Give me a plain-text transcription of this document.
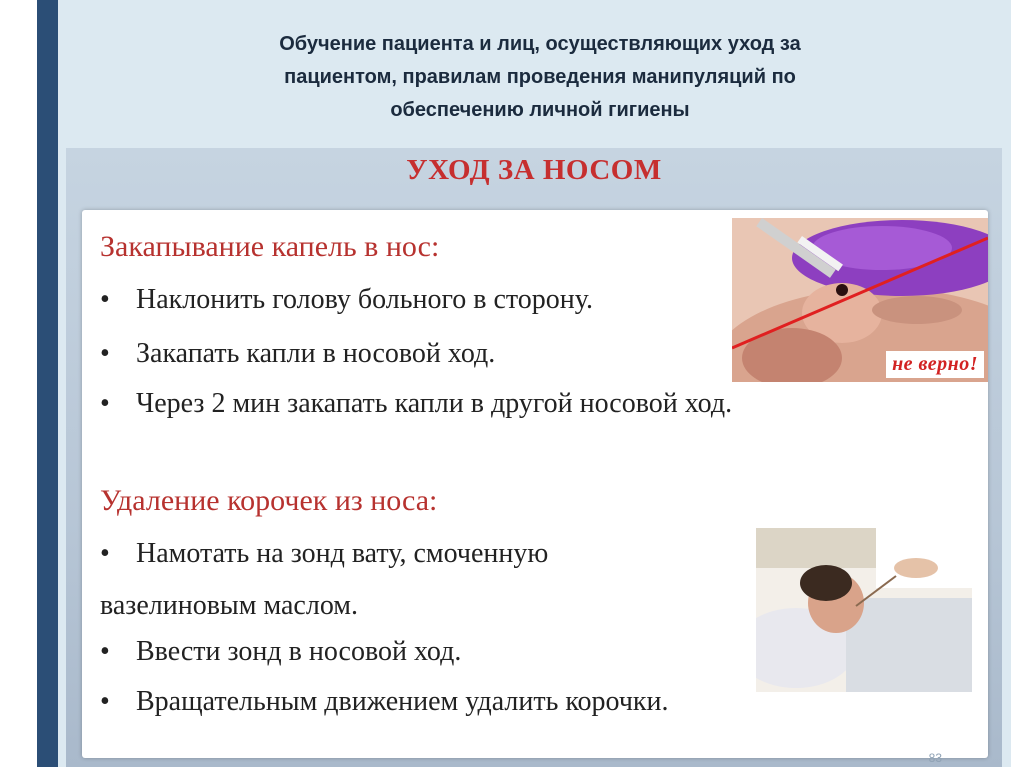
Обучение пациента и лиц, осуществляющих уход за
пациентом, правилам проведения манипуляций по
обеспечению личной гигиены
УХОД ЗА НОСОМ
Закапывание капель в нос:
• Наклонить голову больного в сторону.
• Закапать капли в носовой ход.
• Через 2 мин закапать капли в другой носовой ход.
Удаление корочек из носа:
• Намотать на зонд вату, смоченную
вазелиновым маслом.
• Ввести зонд в носовой ход.
• Вращательным движением удалить корочки.
не верно!
83
